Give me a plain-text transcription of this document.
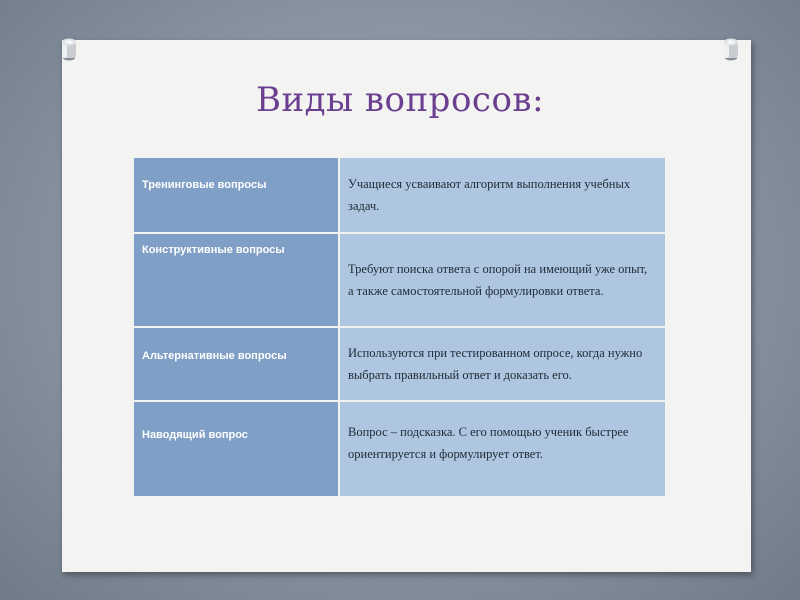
Виды вопросов:
Тренинговые вопросы	Учащиеся усваивают алгоритм выполнения учебных задач.

Конструктивные вопросы	Требуют поиска ответа с опорой на имеющий уже опыт, а также самостоятельной формулировки ответа.

Альтернативные вопросы	Используются при тестированном опросе, когда нужно выбрать правильный ответ и доказать его.

Наводящий вопрос	Вопрос – подсказка. С его помощью ученик быстрее ориентируется и формулирует ответ.
